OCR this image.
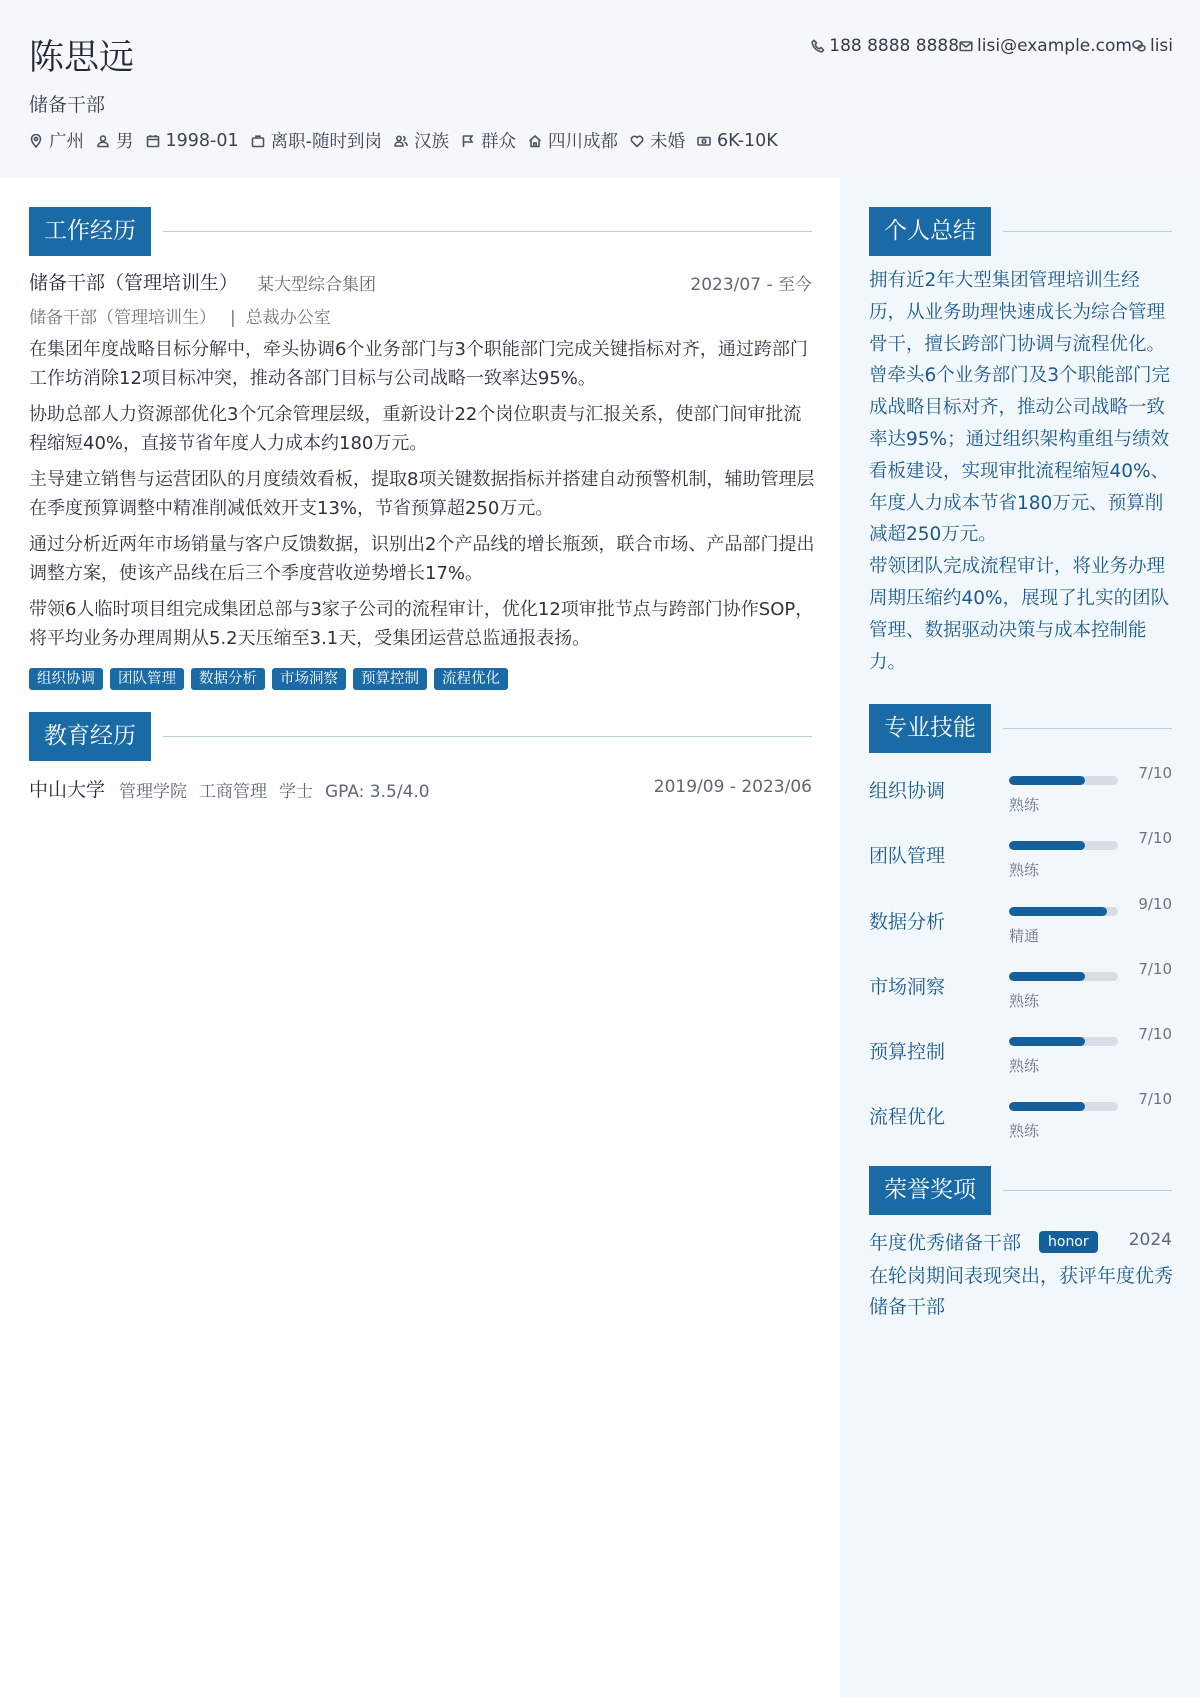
陈思远
储备干部
广州 男 1998-01 离职-随时到岗 汉族 群众 四川成都 未婚 6K-10K
188 8888 8888 lisi@example.com lisi
工作经历
储备干部（管理培训生） 某大型综合集团	2023/07 - 至今
储备干部（管理培训生） | 总裁办公室
在集团年度战略目标分解中，牵头协调6个业务部门与3个职能部门完成关键指标对齐，通过跨部门工作坊消除12项目标冲突，推动各部门目标与公司战略一致率达95%。
协助总部人力资源部优化3个冗余管理层级，重新设计22个岗位职责与汇报关系，使部门间审批流程缩短40%，直接节省年度人力成本约180万元。
主导建立销售与运营团队的月度绩效看板，提取8项关键数据指标并搭建自动预警机制，辅助管理层在季度预算调整中精准削减低效开支13%，节省预算超250万元。
通过分析近两年市场销量与客户反馈数据，识别出2个产品线的增长瓶颈，联合市场、产品部门提出调整方案，使该产品线在后三个季度营收逆势增长17%。
带领6人临时项目组完成集团总部与3家子公司的流程审计，优化12项审批节点与跨部门协作SOP，将平均业务办理周期从5.2天压缩至3.1天，受集团运营总监通报表扬。
组织协调	团队管理	数据分析	市场洞察	预算控制	流程优化
教育经历
中山大学 管理学院 工商管理 学士 GPA: 3.5/4.0	2019/09 - 2023/06
个人总结
拥有近2年大型集团管理培训生经历，从业务助理快速成长为综合管理骨干，擅长跨部门协调与流程优化。曾牵头6个业务部门及3个职能部门完成战略目标对齐，推动公司战略一致率达95%；通过组织架构重组与绩效看板建设，实现审批流程缩短40%、年度人力成本节省180万元、预算削减超250万元。
带领团队完成流程审计，将业务办理周期压缩约40%，展现了扎实的团队管理、数据驱动决策与成本控制能力。
专业技能
组织协调
7/10
熟练
团队管理
7/10
熟练
数据分析
9/10
精通
市场洞察
7/10
熟练
预算控制
7/10
熟练
流程优化
7/10
熟练
荣誉奖项
年度优秀储备干部	honor	2024
在轮岗期间表现突出，获评年度优秀储备干部
